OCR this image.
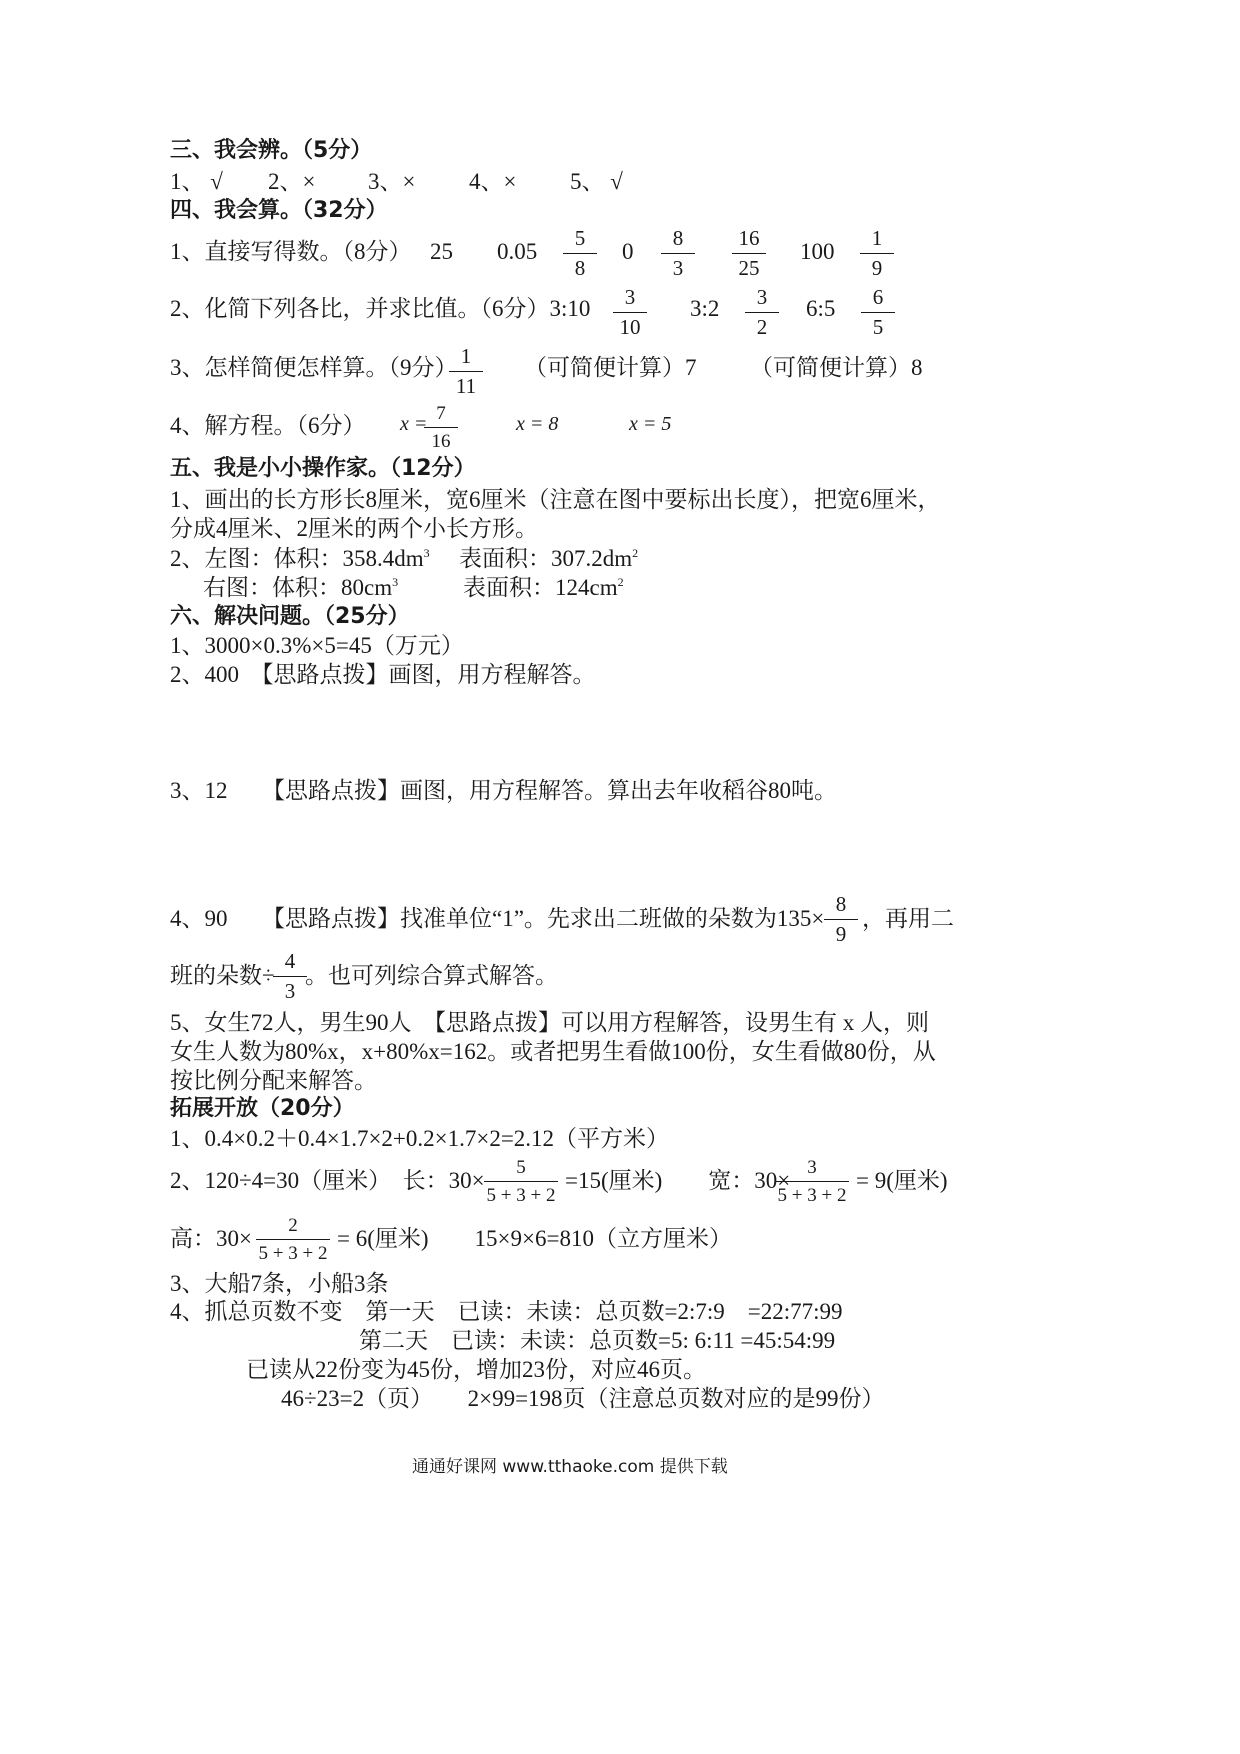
三、我会辨。（5分）
1、 √ 2、× 3、× 4、× 5、 √
四、我会算。（32分）
1、直接写得数。（8分） 25 0.05
5
8
0
8
3
16
25
100
1
9
2、化简下列各比，并求比值。（6分）3:10	3
10
3:2	3
2
6:5	6
5
3、怎样简便怎样算。（9分） 1
11
（可简便计算）7 （可简便计算）8
4、解方程。（6分） x = 7
16
x = 8	x = 5
五、我是小小操作家。（12分）
1、画出的长方形长8厘米，宽6厘米（注意在图中要标出长度），把宽6厘米，
分成4厘米、2厘米的两个小长方形。
2、左图：体积：$358.4dm^3$ 表面积：$307.2dm^2$
右图：体积：$80cm^3$	表面积：$124cm^2$
六、解决问题。（25分）
1、3000×0.3%×5=45（万元）
2、400　【思路点拨】画图，用方程解答。
3、12　　【思路点拨】画图，用方程解答。算出去年收稻谷80吨。
4、90　　【思路点拨】找准单位“1”。先求出二班做的朵数为135×
8
9
，再用二
班的朵数÷
4
3
。也可列综合算式解答。
5、女生72人，男生90人　【思路点拨】可以用方程解答，设男生有 x 人，则
女生人数为80%x，x+80%x=162。或者把男生看做100份，女生看做80份，从
按比例分配来解答。
拓展开放（20分）
1、0.4×0.2＋0.4×1.7×2+0.2×1.7×2=2.12（平方米）
2、120÷4=30（厘米）　长：30×
5
5 + 3 + 2
=15(厘米)　　宽：30×
3
5 + 3 + 2
= 9(厘米)
高：30×
2
5 + 3 + 2
= 6(厘米)　　15×9×6=810（立方厘米）
3、大船7条，小船3条
4、抓总页数不变　第一天　已读：未读：总页数=2:7:9　=22:77:99
第二天　已读：未读：总页数=5: 6:11 =45:54:99
已读从22份变为45份，增加23份，对应46页。
46÷23=2（页）　　2×99=198页（注意总页数对应的是99份）
通通好课网 www.tthaoke.com 提供下载
